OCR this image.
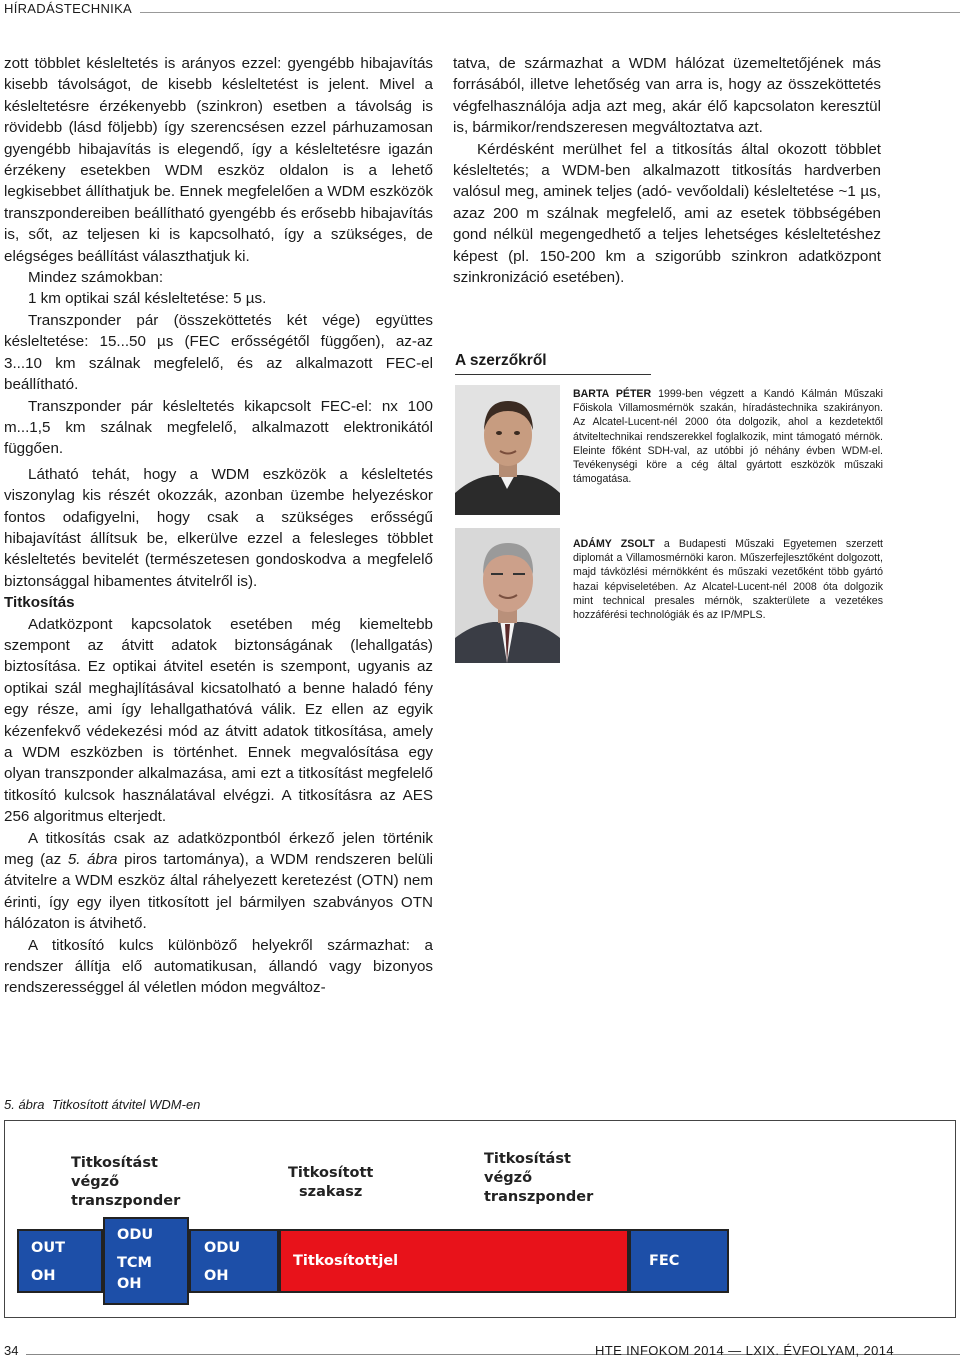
HÍRADÁSTECHNIKA

zott többlet késleltetés is arányos ezzel: gyengébb hibajavítás kisebb távolságot, de kisebb késleltetést is jelent. Mivel a késleltetésre érzékenyebb (szinkron) esetben a távolság is rövidebb (lásd följebb) így szerencsésen ezzel párhuzamosan gyengébb hibajavítás is elegendő, így a késleltetésre igazán érzékeny esetekben WDM eszköz oldalon is a lehető legkisebbet állíthatjuk be. Ennek megfelelően a WDM eszközök transzpondereiben beállítható gyengébb és erősebb hibajavítás is, sőt, az teljesen ki is kapcsolható, így a szükséges, de elégséges beállítást választhatjuk ki.

Mindez számokban:

1 km optikai szál késleltetése: 5 µs.

Transzponder pár (összeköttetés két vége) együttes késleltetése: 15...50 µs (FEC erősségétől függően), az-az 3...10 km szálnak megfelelő, és az alkalmazott FEC-el beállítható.

Transzponder pár késleltetés kikapcsolt FEC-el: nx 100 m...1,5 km szálnak megfelelő, alkalmazott elektronikától függően.

Látható tehát, hogy a WDM eszközök a késleltetés viszonylag kis részét okozzák, azonban üzembe helyezéskor fontos odafigyelni, hogy csak a szükséges erősségű hibajavítást állítsuk be, elkerülve ezzel a felesleges többlet késleltetés bevitelét (természetesen gondoskodva a megfelelő biztonsággal hibamentes átvitelről is).

Titkosítás

Adatközpont kapcsolatok esetében még kiemeltebb szempont az átvitt adatok biztonságának (lehallgatás) biztosítása. Ez optikai átvitel esetén is szempont, ugyanis az optikai szál meghajlításával kicsatolható a benne haladó fény egy része, ami így lehallgathatóvá válik. Ez ellen az egyik kézenfekvő védekezési mód az átvitt adatok titkosítása, amely a WDM eszközben is történhet. Ennek megvalósítása egy olyan transzponder alkalmazása, ami ezt a titkosítást megfelelő titkosító kulcsok használatával elvégzi. A titkosításra az AES 256 algoritmus elterjedt.

A titkosítás csak az adatközpontból érkező jelen történik meg (az 5. ábra piros tartománya), a WDM rendszeren belüli átvitelre a WDM eszköz által ráhelyezett keretezést (OTN) nem érinti, így egy ilyen titkosított jel bármilyen szabványos OTN hálózaton is átvihető.

A titkosító kulcs különböző helyekről származhat: a rendszer állítja elő automatikusan, állandó vagy bizonyos rendszerességgel ál véletlen módon megváltoz-

tatva, de származhat a WDM hálózat üzemeltetőjének más forrásából, illetve lehetőség van arra is, hogy az összeköttetés végfelhasználója adja azt meg, akár élő kapcsolaton keresztül is, bármikor/rendszeresen megváltoztatva azt.

Kérdésként merülhet fel a titkosítás által okozott többlet késleltetés; a WDM-ben alkalmazott titkosítás hardverben valósul meg, aminek teljes (adó- vevőoldali) késleltetése ~1 µs, azaz 200 m szálnak megfelelő, ami az esetek többségében gond nélkül megengedhető a teljes lehetséges késleltetéshez képest (pl. 150-200 km a szigorúbb szinkron adatközpont szinkronizáció esetében).

A szerzőkről
BARTA PÉTER 1999-ben végzett a Kandó Kálmán Műszaki Főiskola Villamosmérnök szakán, híradástechnika szakirányon. Az Alcatel-Lucent-nél 2000 óta dolgozik, ahol a kezdetektől átviteltechnikai rendszerekkel foglalkozik, mint támogató mérnök. Eleinte főként SDH-val, az utóbbi jó néhány évben WDM-el. Tevékenységi köre a cég által gyártott eszközök műszaki támogatása.
ADÁMY ZSOLT a Budapesti Műszaki Egyetemen szerzett diplomát a Villamosmérnöki karon. Műszerfejlesztőként dolgozott, majd távközlési mérnökként és műszaki vezetőként több gyártó hazai képviseletében. Az Alcatel-Lucent-nél 2008 óta dolgozik mint technical presales mérnök, szakterülete a vezetékes hozzáférési technológiák és az IP/MPLS.
5. ábra Titkosított átvitel WDM-en
Titkosítást
végző
transzponder
Titkosított
szakasz
Titkosítást
végző
transzponder
OUT
OH
ODU
TCM
OH
ODU
OH
Titkosítottjel	FEC
34	HTE INFOKOM 2014 — LXIX. ÉVFOLYAM, 2014
